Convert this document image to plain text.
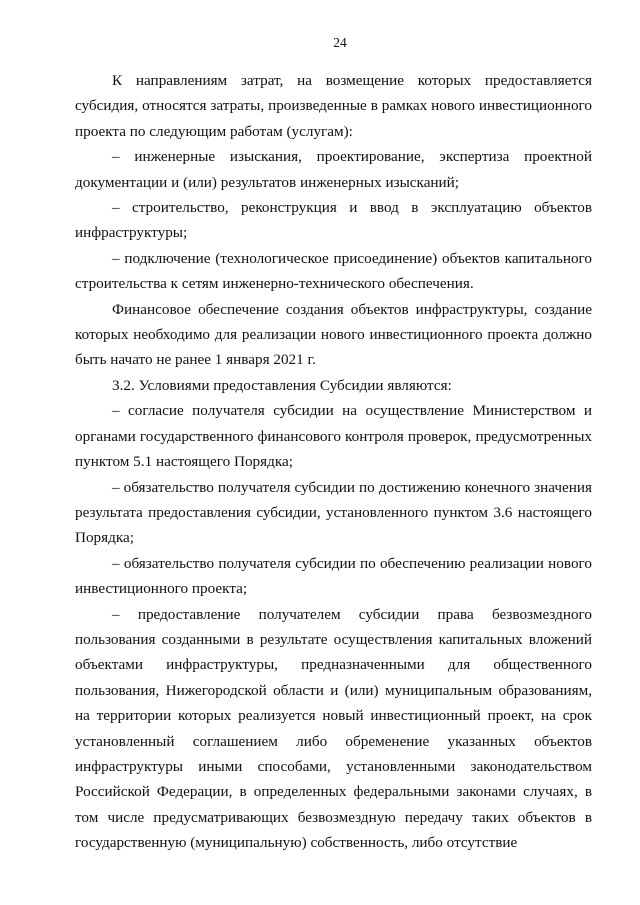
24

К направлениям затрат, на возмещение которых предоставляется субсидия, относятся затраты, произведенные в рамках нового инвестиционного проекта по следующим работам (услугам):

– инженерные изыскания, проектирование, экспертиза проектной документации и (или) результатов инженерных изысканий;

– строительство, реконструкция и ввод в эксплуатацию объектов инфраструктуры;

– подключение (технологическое присоединение) объектов капитального строительства к сетям инженерно-технического обеспечения.

Финансовое обеспечение создания объектов инфраструктуры, создание которых необходимо для реализации нового инвестиционного проекта должно быть начато не ранее 1 января 2021 г.

3.2. Условиями предоставления Субсидии являются:

– согласие получателя субсидии на осуществление Министерством и органами государственного финансового контроля проверок, предусмотренных пунктом 5.1 настоящего Порядка;

– обязательство получателя субсидии по достижению конечного значения результата предоставления субсидии, установленного пунктом 3.6 настоящего Порядка;

– обязательство получателя субсидии по обеспечению реализации нового инвестиционного проекта;

– предоставление получателем субсидии права безвозмездного пользования созданными в результате осуществления капитальных вложений объектами инфраструктуры, предназначенными для общественного пользования, Нижегородской области и (или) муниципальным образованиям, на территории которых реализуется новый инвестиционный проект, на срок установленный соглашением либо обременение указанных объектов инфраструктуры иными способами, установленными законодательством Российской Федерации, в определенных федеральными законами случаях, в том числе предусматривающих безвозмездную передачу таких объектов в государственную (муниципальную) собственность, либо отсутствие
